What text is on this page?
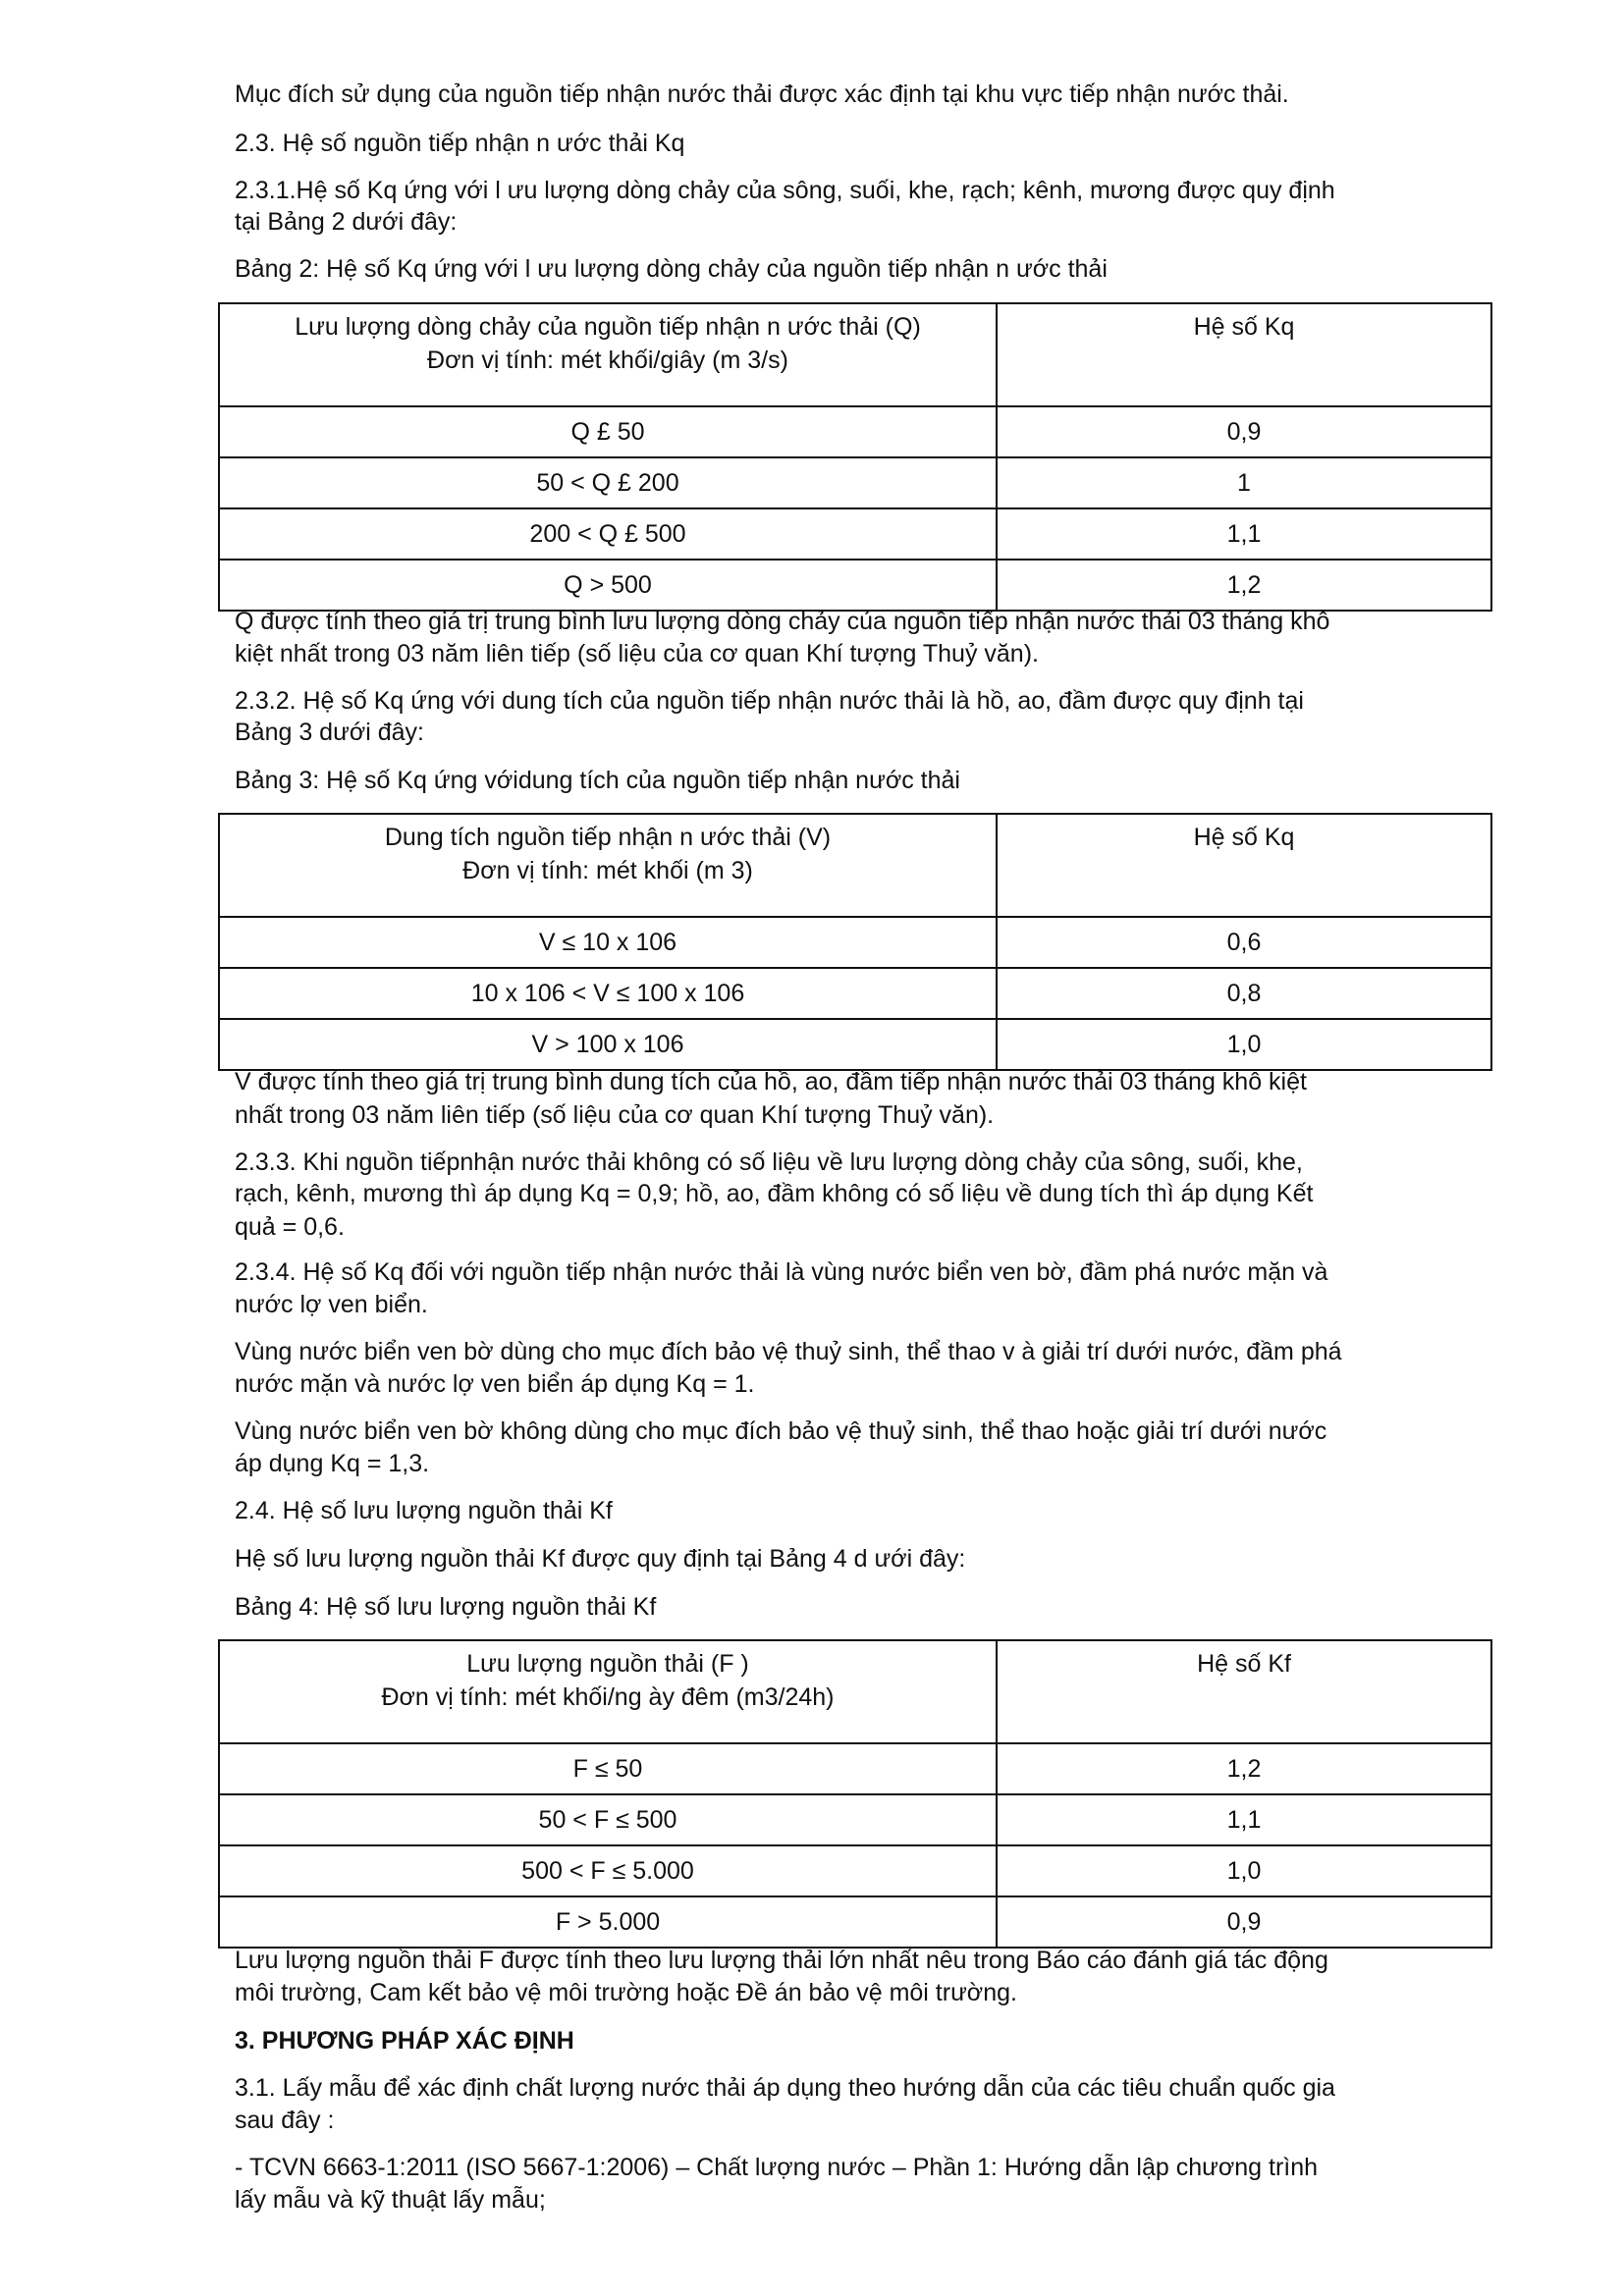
Mục đích sử dụng của nguồn tiếp nhận nước thải được xác định tại khu vực tiếp nhận nước thải.
2.3. Hệ số nguồn tiếp nhận n ước thải Kq
2.3.1.Hệ số Kq ứng với l ưu lượng dòng chảy của sông, suối, khe, rạch; kênh, mương được quy định
tại Bảng 2 dưới đây:
Bảng 2: Hệ số Kq ứng với l ưu lượng dòng chảy của nguồn tiếp nhận n ước thải
Lưu lượng dòng chảy của nguồn tiếp nhận n ước thải (Q)
Đơn vị tính: mét khối/giây (m 3/s)	Hệ số Kq
Q £ 50	0,9
50 < Q £ 200	1
200 < Q £ 500	1,1
Q > 500	1,2
Q được tính theo giá trị trung bình lưu lượng dòng chảy của nguồn tiếp nhận nước thải 03 tháng khô
kiệt nhất trong 03 năm liên tiếp (số liệu của cơ quan Khí tượng Thuỷ văn).
2.3.2. Hệ số Kq ứng với dung tích của nguồn tiếp nhận nước thải là hồ, ao, đầm được quy định tại
Bảng 3 dưới đây:
Bảng 3: Hệ số Kq ứng vớidung tích của nguồn tiếp nhận nước thải
Dung tích nguồn tiếp nhận n ước thải (V)
Đơn vị tính: mét khối (m 3)	Hệ số Kq
V ≤ 10 x 106	0,6
10 x 106 < V ≤ 100 x 106	0,8
V > 100 x 106	1,0
V được tính theo giá trị trung bình dung tích của hồ, ao, đầm tiếp nhận nước thải 03 tháng khô kiệt
nhất trong 03 năm liên tiếp (số liệu của cơ quan Khí tượng Thuỷ văn).
2.3.3. Khi nguồn tiếpnhận nước thải không có số liệu về lưu lượng dòng chảy của sông, suối, khe,
rạch, kênh, mương thì áp dụng Kq = 0,9; hồ, ao, đầm không có số liệu về dung tích thì áp dụng Kết
quả = 0,6.
2.3.4. Hệ số Kq đối với nguồn tiếp nhận nước thải là vùng nước biển ven bờ, đầm phá nước mặn và
nước lợ ven biển.
Vùng nước biển ven bờ dùng cho mục đích bảo vệ thuỷ sinh, thể thao v à giải trí dưới nước, đầm phá
nước mặn và nước lợ ven biển áp dụng Kq = 1.
Vùng nước biển ven bờ không dùng cho mục đích bảo vệ thuỷ sinh, thể thao hoặc giải trí dưới nước
áp dụng Kq = 1,3.
2.4. Hệ số lưu lượng nguồn thải Kf
Hệ số lưu lượng nguồn thải Kf được quy định tại Bảng 4 d ưới đây:
Bảng 4: Hệ số lưu lượng nguồn thải Kf
Lưu lượng nguồn thải (F )
Đơn vị tính: mét khối/ng ày đêm (m3/24h)	Hệ số Kf
F ≤ 50	1,2
50 < F ≤ 500	1,1
500 < F ≤ 5.000	1,0
F > 5.000	0,9
Lưu lượng nguồn thải F được tính theo lưu lượng thải lớn nhất nêu trong Báo cáo đánh giá tác động
môi trường, Cam kết bảo vệ môi trường hoặc Đề án bảo vệ môi trường.
3. PHƯƠNG PHÁP XÁC ĐỊNH
3.1. Lấy mẫu để xác định chất lượng nước thải áp dụng theo hướng dẫn của các tiêu chuẩn quốc gia
sau đây :
- TCVN 6663-1:2011 (ISO 5667-1:2006) – Chất lượng nước – Phần 1: Hướng dẫn lập chương trình
lấy mẫu và kỹ thuật lấy mẫu;
